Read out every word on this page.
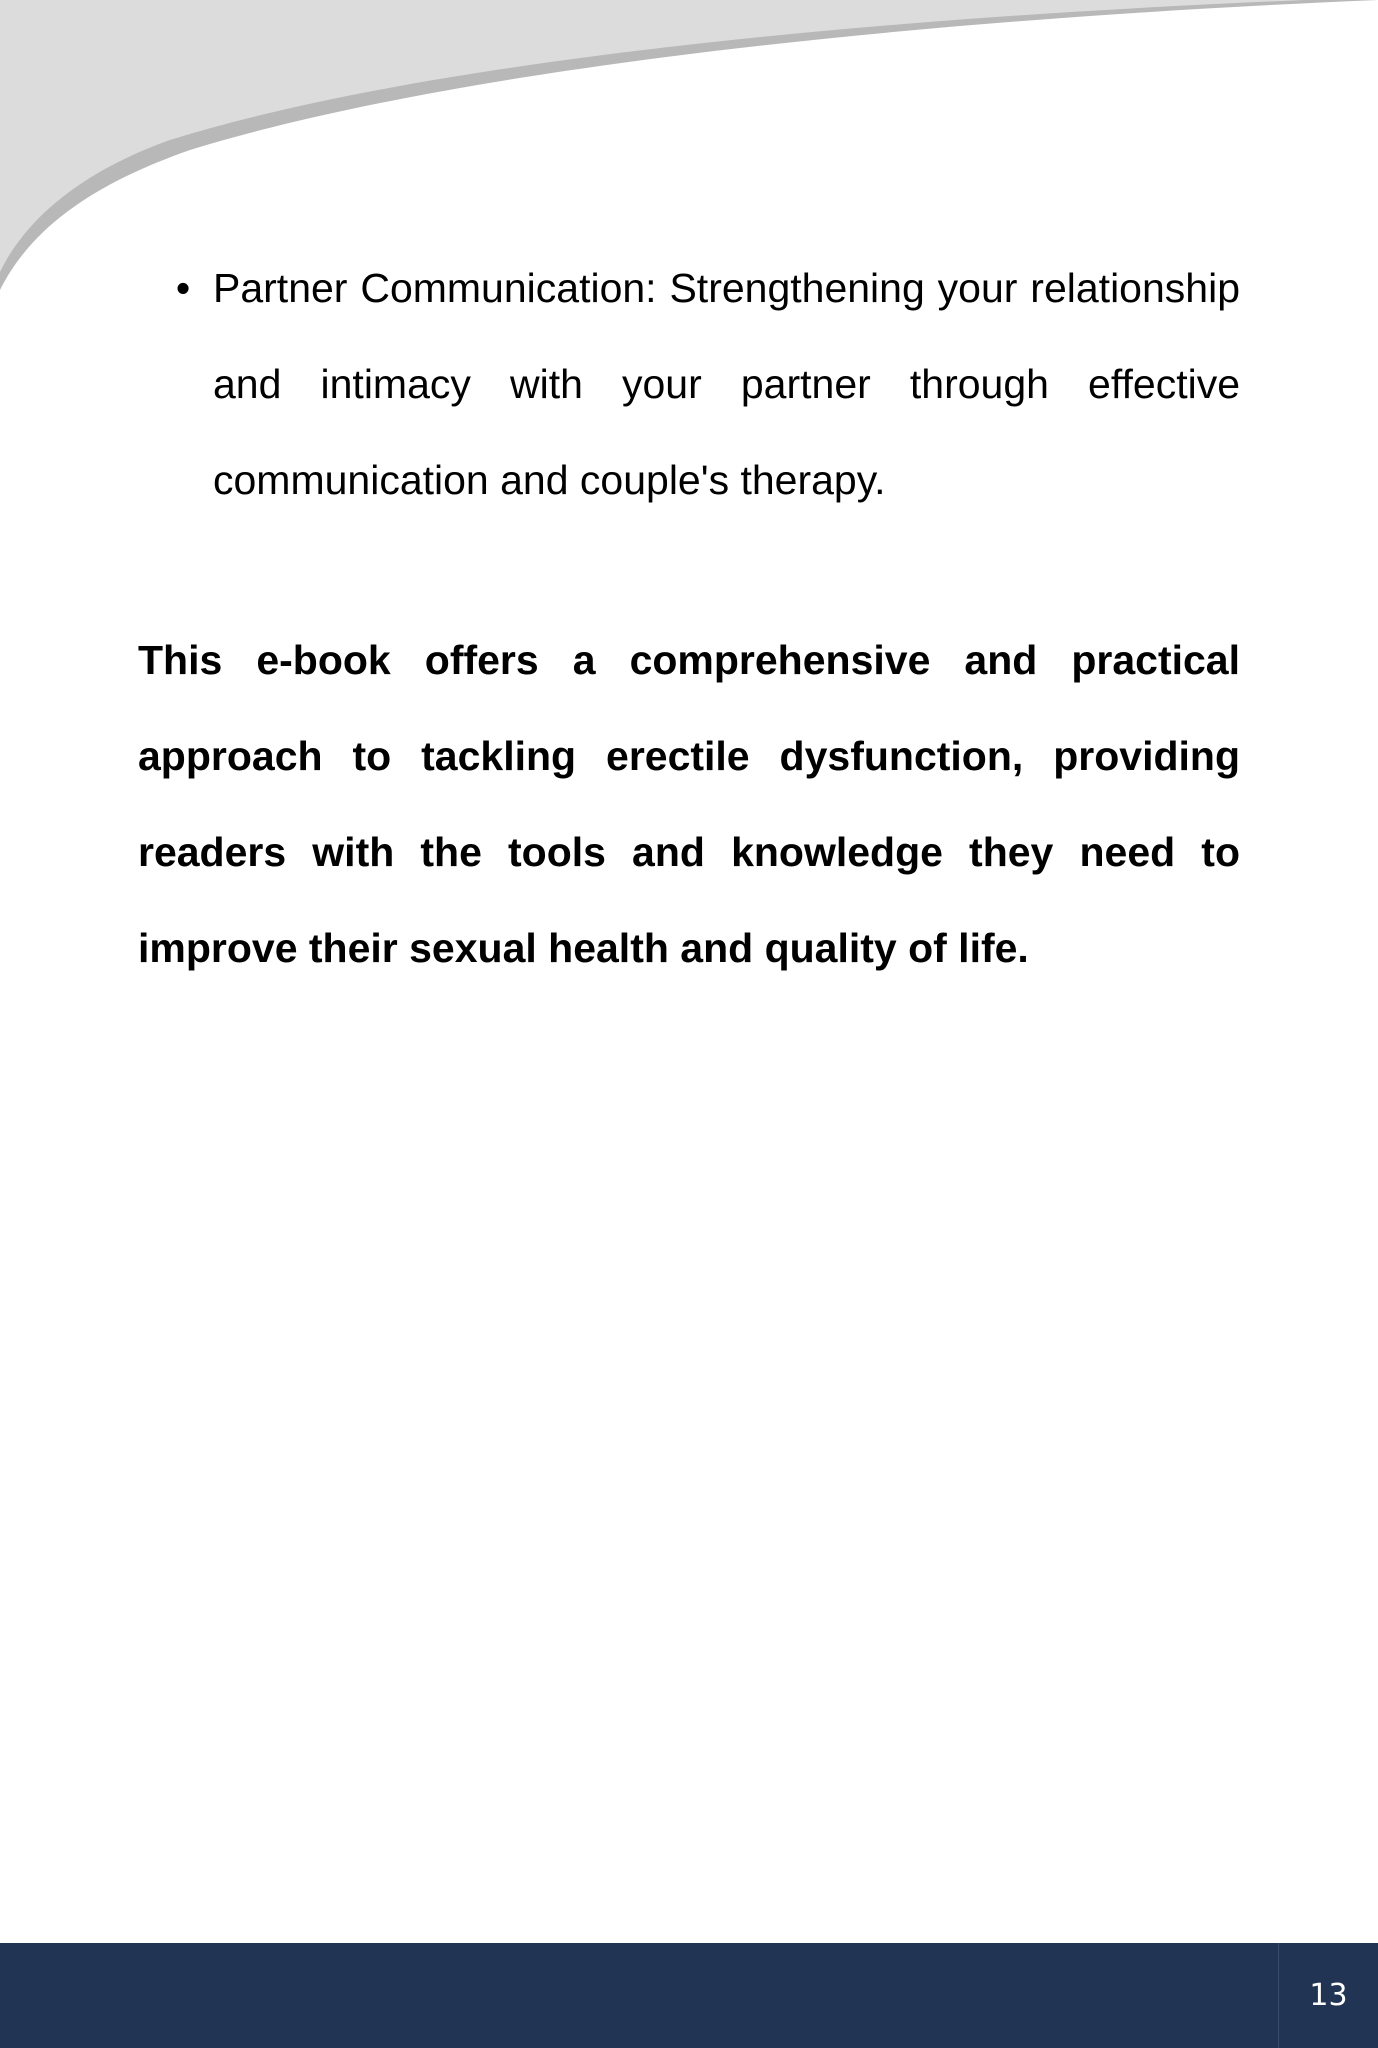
• Partner Communication: Strengthening your relationship and intimacy with your partner through effective communication and couple's therapy.

This e-book offers a comprehensive and practical approach to tackling erectile dysfunction, providing readers with the tools and knowledge they need to improve their sexual health and quality of life.

13
